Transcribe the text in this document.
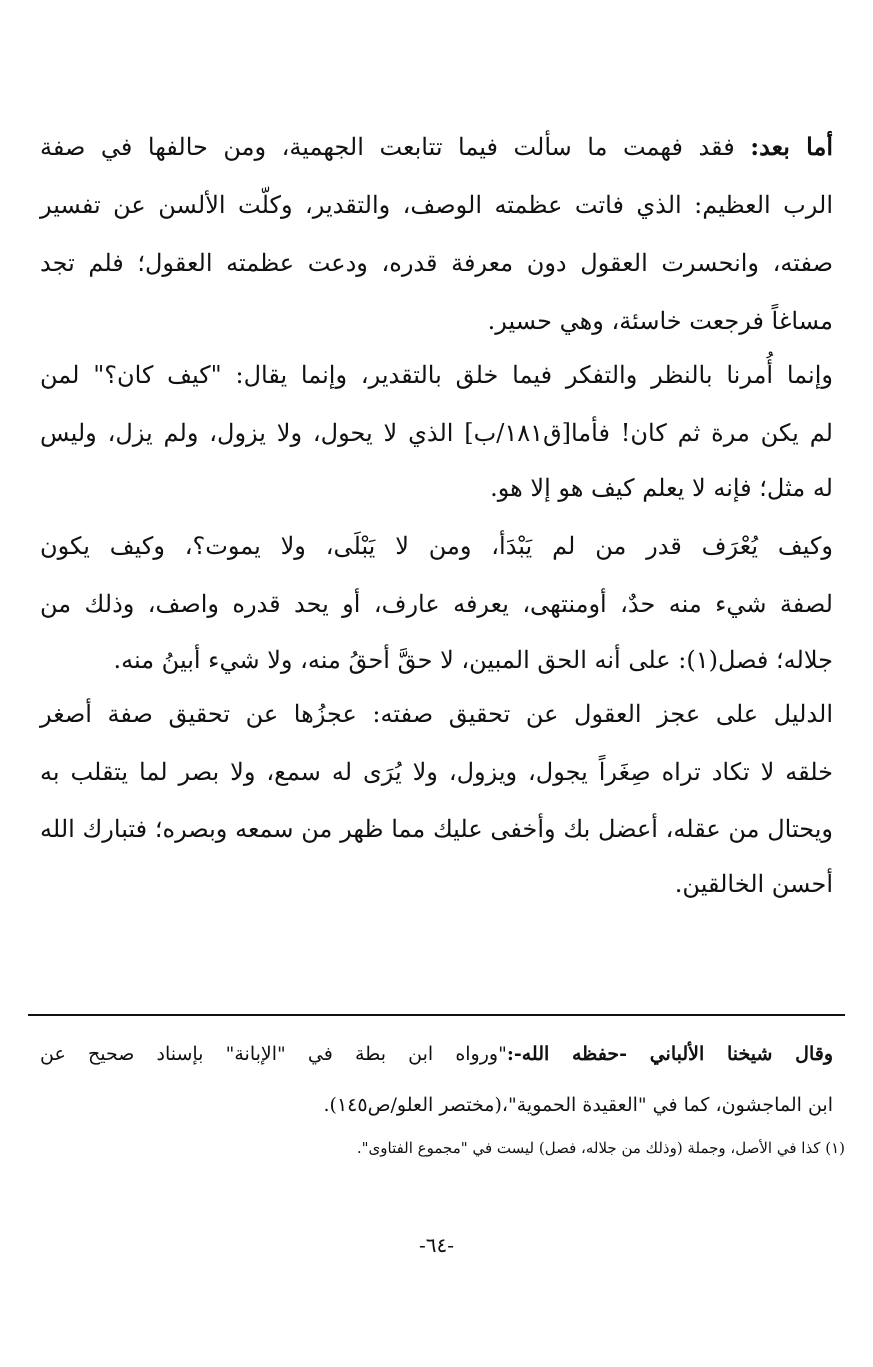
أما بعد: فقد فهمت ما سألت فيما تتابعت الجهمية، ومن حالفها في صفة
الرب العظيم: الذي فاتت عظمته الوصف، والتقدير، وكلّت الألسن عن تفسير
صفته، وانحسرت العقول دون معرفة قدره، ودعت عظمته العقول؛ فلم تجد
مساغاً فرجعت خاسئة، وهي حسير.
وإنما أُمرنا بالنظر والتفكر فيما خلق بالتقدير، وإنما يقال: "كيف كان؟" لمن
لم يكن مرة ثم كان! فأما[ق١٨١/ب] الذي لا يحول، ولا يزول، ولم يزل، وليس
له مثل؛ فإنه لا يعلم كيف هو إلا هو.
وكيف يُعْرَف قدر من لم يَبْدَأ، ومن لا يَبْلَى، ولا يموت؟، وكيف يكون
لصفة شيء منه حدٌ، أومنتهى، يعرفه عارف، أو يحد قدره واصف، وذلك من
جلاله؛ فصل(١): على أنه الحق المبين، لا حقَّ أحقُ منه، ولا شيء أبينُ منه.
الدليل على عجز العقول عن تحقيق صفته: عجزُها عن تحقيق صفة أصغر
خلقه لا تكاد تراه صِغَراً يجول، ويزول، ولا يُرَى له سمع، ولا بصر لما يتقلب به
ويحتال من عقله، أعضل بك وأخفى عليك مما ظهر من سمعه وبصره؛ فتبارك الله
أحسن الخالقين.
وقال شيخنا الألباني -حفظه الله-:"ورواه ابن بطة في "الإبانة" بإسناد صحيح عن
ابن الماجشون، كما في "العقيدة الحموية"،(مختصر العلو/ص١٤٥).
(١) كذا في الأصل، وجملة (وذلك من جلاله، فصل) ليست في "مجموع الفتاوى".
-٦٤-
